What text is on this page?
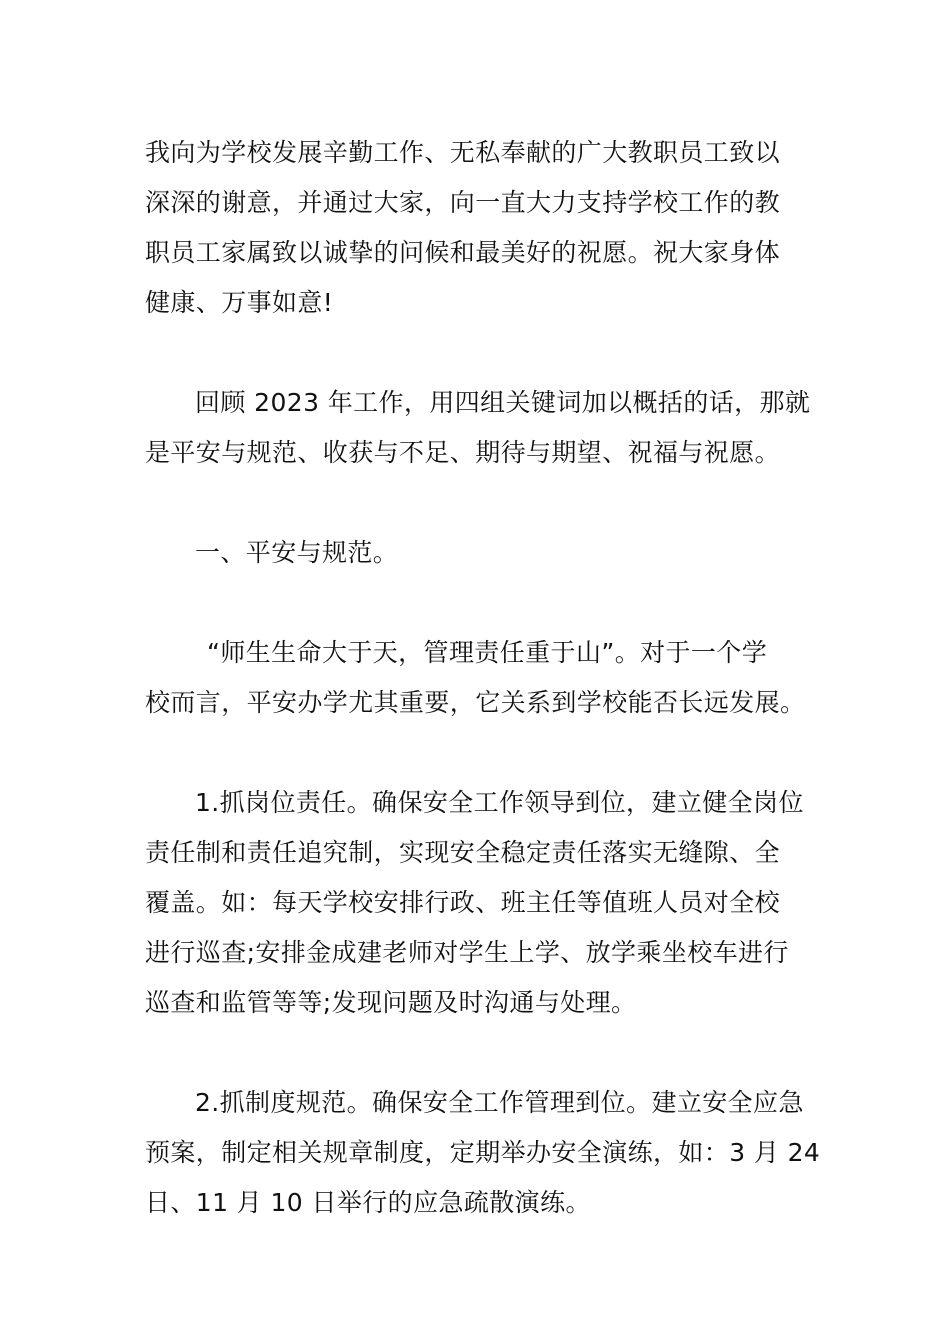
我向为学校发展辛勤工作、无私奉献的广大教职员工致以
深深的谢意，并通过大家，向一直大力支持学校工作的教
职员工家属致以诚挚的问候和最美好的祝愿。祝大家身体
健康、万事如意!

回顾 2023 年工作，用四组关键词加以概括的话，那就
是平安与规范、收获与不足、期待与期望、祝福与祝愿。

一、平安与规范。

“师生生命大于天，管理责任重于山”。对于一个学
校而言，平安办学尤其重要，它关系到学校能否长远发展。

1.抓岗位责任。确保安全工作领导到位，建立健全岗位
责任制和责任追究制，实现安全稳定责任落实无缝隙、全
覆盖。如：每天学校安排行政、班主任等值班人员对全校
进行巡查;安排金成建老师对学生上学、放学乘坐校车进行
巡查和监管等等;发现问题及时沟通与处理。

2.抓制度规范。确保安全工作管理到位。建立安全应急
预案，制定相关规章制度，定期举办安全演练，如：3 月 24
日、11 月 10 日举行的应急疏散演练。
